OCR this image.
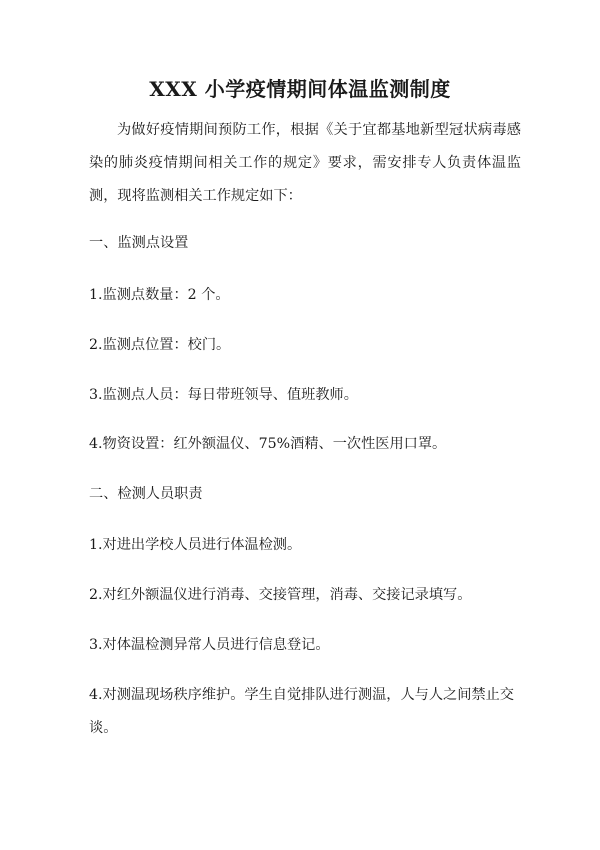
XXX 小学疫情期间体温监测制度
为做好疫情期间预防工作，根据《关于宜都基地新型冠状病毒感染的肺炎疫情期间相关工作的规定》要求，需安排专人负责体温监测，现将监测相关工作规定如下：
一、监测点设置
1.监测点数量：2 个。
2.监测点位置：校门。
3.监测点人员：每日带班领导、值班教师。
4.物资设置：红外额温仪、75%酒精、一次性医用口罩。
二、检测人员职责
1.对进出学校人员进行体温检测。
2.对红外额温仪进行消毒、交接管理，消毒、交接记录填写。
3.对体温检测异常人员进行信息登记。
4.对测温现场秩序维护。学生自觉排队进行测温，人与人之间禁止交谈。
